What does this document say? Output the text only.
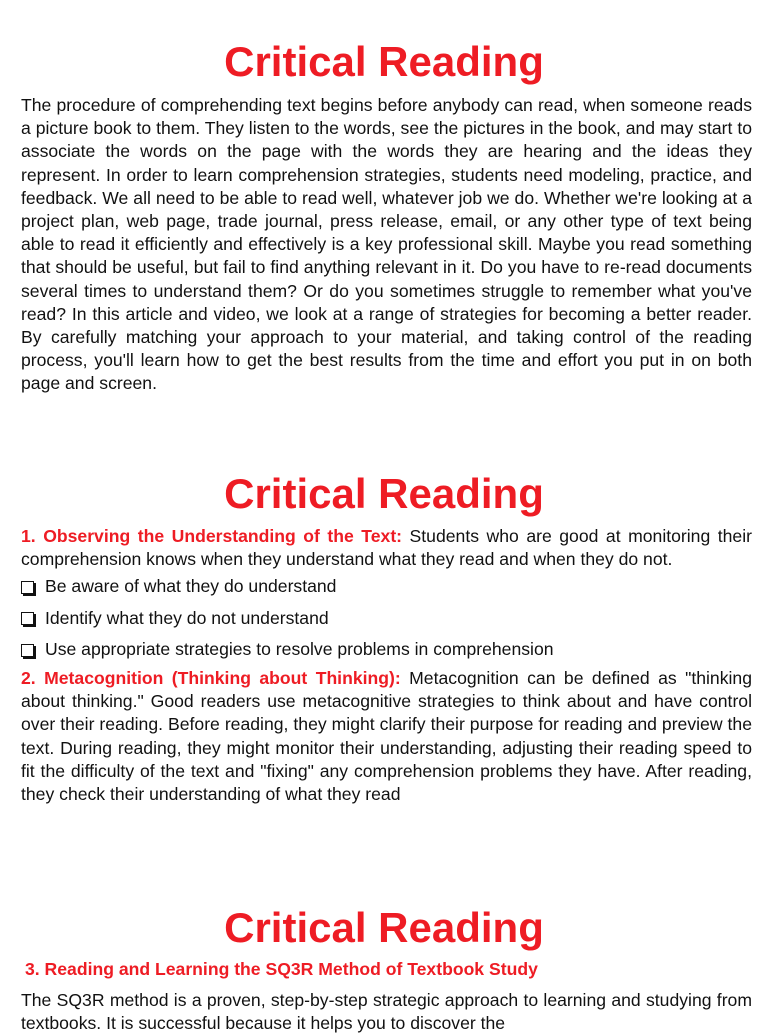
Critical Reading

The procedure of comprehending text begins before anybody can read, when someone reads a picture book to them. They listen to the words, see the pictures in the book, and may start to associate the words on the page with the words they are hearing and the ideas they represent. In order to learn comprehension strategies, students need modeling, practice, and feedback. We all need to be able to read well, whatever job we do. Whether we're looking at a project plan, web page, trade journal, press release, email, or any other type of text being able to read it efficiently and effectively is a key professional skill. Maybe you read something that should be useful, but fail to find anything relevant in it. Do you have to re-read documents several times to understand them? Or do you sometimes struggle to remember what you've read? In this article and video, we look at a range of strategies for becoming a better reader. By carefully matching your approach to your material, and taking control of the reading process, you'll learn how to get the best results from the time and effort you put in on both page and screen.

Critical Reading

1. Observing the Understanding of the Text: Students who are good at monitoring their comprehension knows when they understand what they read and when they do not.

Be aware of what they do understand
Identify what they do not understand
Use appropriate strategies to resolve problems in comprehension

2. Metacognition (Thinking about Thinking): Metacognition can be defined as "thinking about thinking." Good readers use metacognitive strategies to think about and have control over their reading. Before reading, they might clarify their purpose for reading and preview the text. During reading, they might monitor their understanding, adjusting their reading speed to fit the difficulty of the text and "fixing" any comprehension problems they have. After reading, they check their understanding of what they read

Critical Reading

3. Reading and Learning the SQ3R Method of Textbook Study

The SQ3R method is a proven, step-by-step strategic approach to learning and studying from textbooks. It is successful because it helps you to discover the
